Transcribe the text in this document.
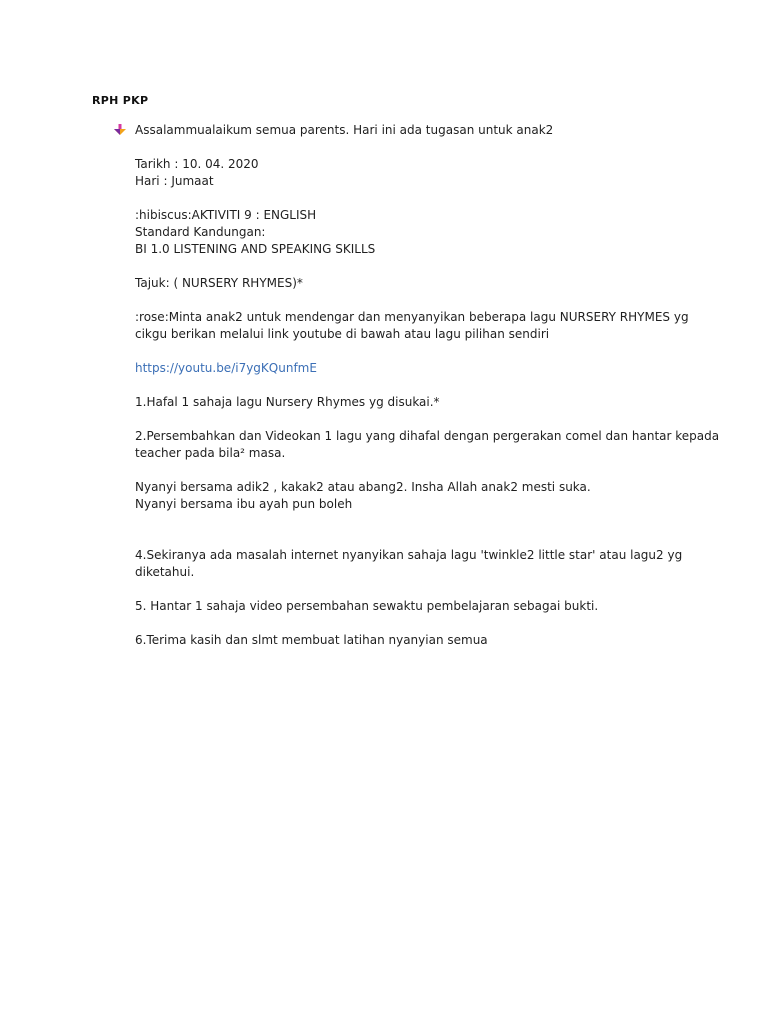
RPH PKP
Assalammualaikum semua parents. Hari ini ada tugasan untuk anak2
Tarikh : 10. 04. 2020
Hari : Jumaat
:hibiscus:AKTIVITI 9 : ENGLISH
Standard Kandungan:
BI 1.0 LISTENING AND SPEAKING SKILLS
Tajuk: ( NURSERY RHYMES)*
:rose:Minta anak2 untuk mendengar dan menyanyikan beberapa lagu NURSERY RHYMES yg
cikgu berikan melalui link youtube di bawah atau lagu pilihan sendiri
https://youtu.be/i7ygKQunfmE
1.Hafal 1 sahaja lagu Nursery Rhymes yg disukai.*
2.Persembahkan dan Videokan 1 lagu yang dihafal dengan pergerakan comel dan hantar kepada
teacher pada bila² masa.
Nyanyi bersama adik2 , kakak2 atau abang2. Insha Allah anak2 mesti suka.
Nyanyi bersama ibu ayah pun boleh
4.Sekiranya ada masalah internet nyanyikan sahaja lagu 'twinkle2 little star' atau lagu2 yg
diketahui.
5. Hantar 1 sahaja video persembahan sewaktu pembelajaran sebagai bukti.
6.Terima kasih dan slmt membuat latihan nyanyian semua
